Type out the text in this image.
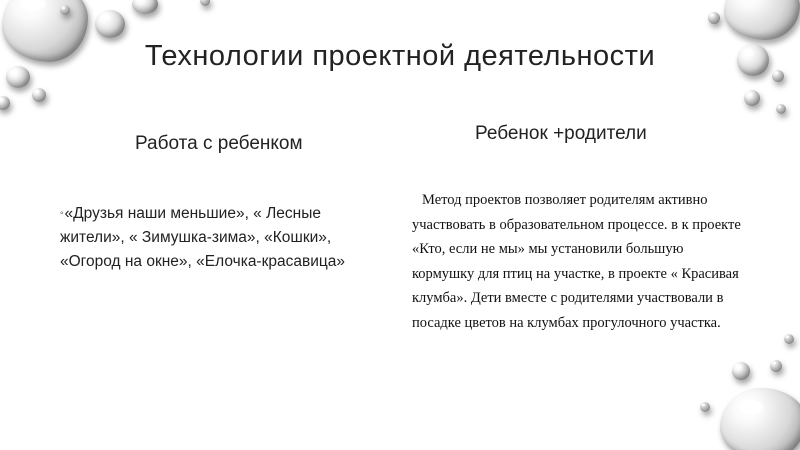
Технологии проектной деятельности
Работа с ребенком
◦«Друзья наши меньшие», « Лесные жители», « Зимушка-зима», «Кошки», «Огород на окне», «Елочка-красавица»
Ребенок +родители
Метод проектов позволяет родителям активно участвовать в образовательном процессе. в к проекте «Кто, если не мы» мы установили большую кормушку для птиц на участке, в проекте « Красивая клумба». Дети вместе с родителями участвовали в посадке цветов на клумбах прогулочного участка.
